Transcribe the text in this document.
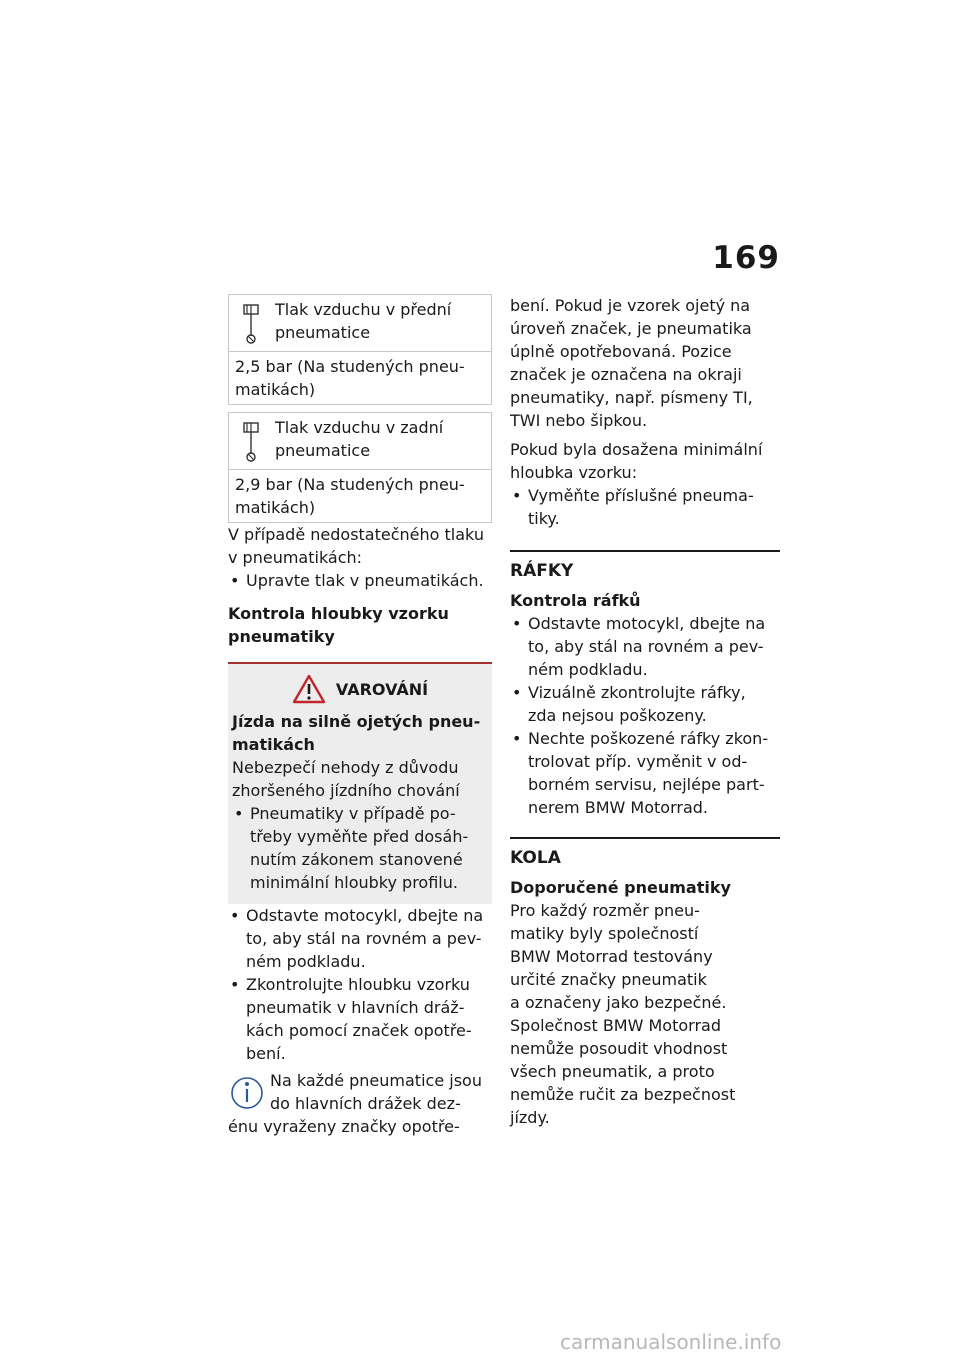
169

Tlak vzduchu v přední

pneumatice

2,5 bar (Na studených pneu-

matikách)

Tlak vzduchu v zadní

pneumatice

2,9 bar (Na studených pneu-

matikách)

V případě nedostatečného tlaku

v pneumatikách:

• Upravte tlak v pneumatikách.

Kontrola hloubky vzorku

pneumatiky

VAROVÁNÍ

Jízda na silně ojetých pneu-

matikách

Nebezpečí nehody z důvodu

zhoršeného jízdního chování

• Pneumatiky v případě po-

třeby vyměňte před dosáh-

nutím zákonem stanovené

minimální hloubky profilu.

• Odstavte motocykl, dbejte na

to, aby stál na rovném a pev-

ném podkladu.

• Zkontrolujte hloubku vzorku

pneumatik v hlavních dráž-

kách pomocí značek opotře-

bení.

Na každé pneumatice jsou

do hlavních drážek dez-

énu vyraženy značky opotře-

bení. Pokud je vzorek ojetý na

úroveň značek, je pneumatika

úplně opotřebovaná. Pozice

značek je označena na okraji

pneumatiky, např. písmeny TI,

TWI nebo šipkou.

Pokud byla dosažena minimální

hloubka vzorku:

• Vyměňte příslušné pneuma-

tiky.

RÁFKY
Kontrola ráfků

• Odstavte motocykl, dbejte na

to, aby stál na rovném a pev-

ném podkladu.

• Vizuálně zkontrolujte ráfky,

zda nejsou poškozeny.

• Nechte poškozené ráfky zkon-

trolovat příp. vyměnit v od-

borném servisu, nejlépe part-

nerem BMW Motorrad.

KOLA
Doporučené pneumatiky

Pro každý rozměr pneu-

matiky byly společností

BMW Motorrad testovány

určité značky pneumatik

a označeny jako bezpečné.

Společnost BMW Motorrad

nemůže posoudit vhodnost

všech pneumatik, a proto

nemůže ručit za bezpečnost

jízdy.

carmanualsonline.info
